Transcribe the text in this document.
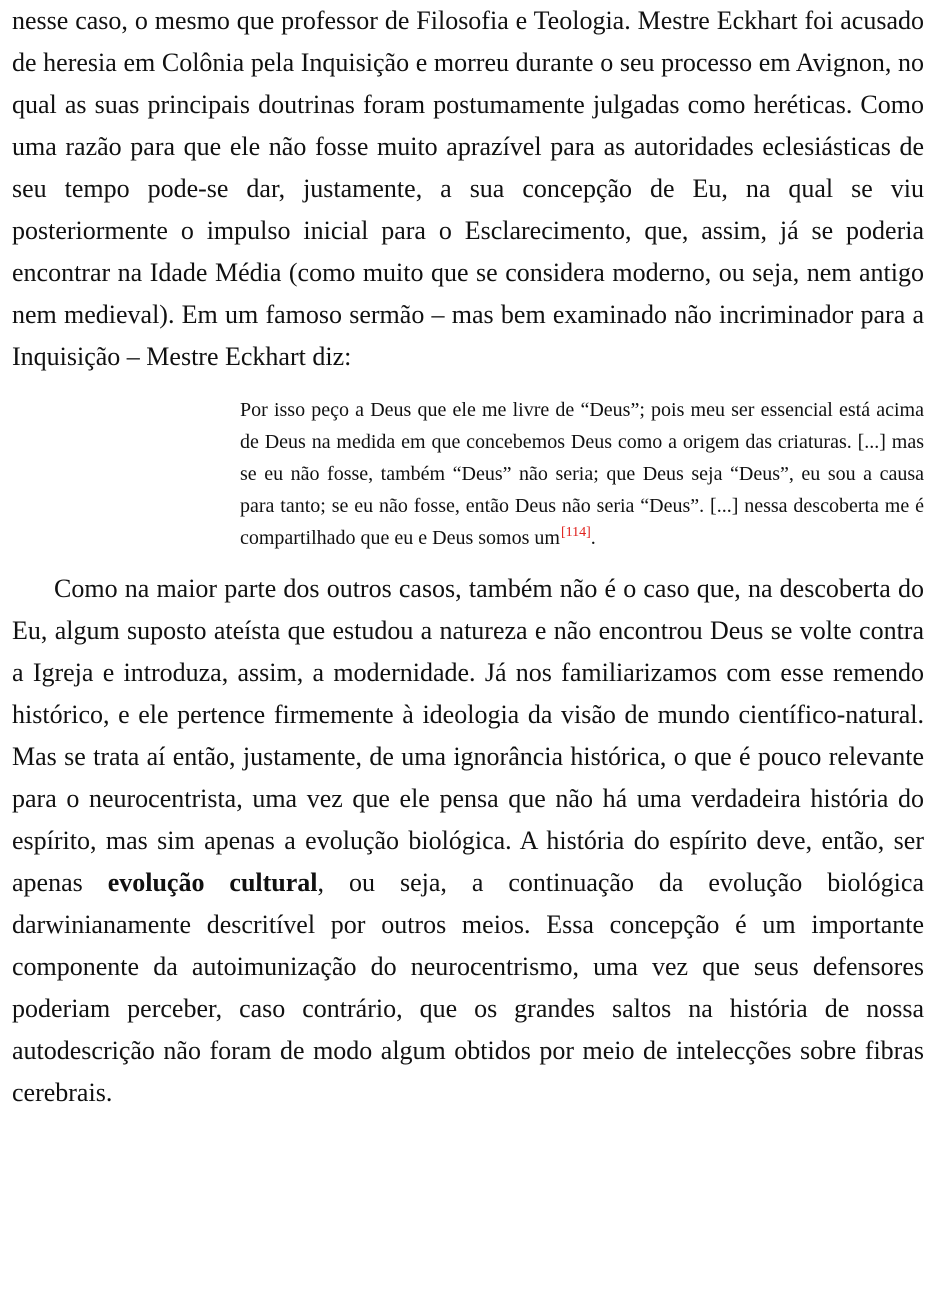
nesse caso, o mesmo que professor de Filosofia e Teologia. Mestre Eckhart foi acusado de heresia em Colônia pela Inquisição e morreu durante o seu processo em Avignon, no qual as suas principais doutrinas foram postumamente julgadas como heréticas. Como uma razão para que ele não fosse muito aprazível para as autoridades eclesiásticas de seu tempo pode-se dar, justamente, a sua concepção de Eu, na qual se viu posteriormente o impulso inicial para o Esclarecimento, que, assim, já se poderia encontrar na Idade Média (como muito que se considera moderno, ou seja, nem antigo nem medieval). Em um famoso sermão – mas bem examinado não incriminador para a Inquisição – Mestre Eckhart diz:

Por isso peço a Deus que ele me livre de “Deus”; pois meu ser essencial está acima de Deus na medida em que concebemos Deus como a origem das criaturas. [...] mas se eu não fosse, também “Deus” não seria; que Deus seja “Deus”, eu sou a causa para tanto; se eu não fosse, então Deus não seria “Deus”. [...] nessa descoberta me é compartilhado que eu e Deus somos um[114].

Como na maior parte dos outros casos, também não é o caso que, na descoberta do Eu, algum suposto ateísta que estudou a natureza e não encontrou Deus se volte contra a Igreja e introduza, assim, a modernidade. Já nos familiarizamos com esse remendo histórico, e ele pertence firmemente à ideologia da visão de mundo científico-natural. Mas se trata aí então, justamente, de uma ignorância histórica, o que é pouco relevante para o neurocentrista, uma vez que ele pensa que não há uma verdadeira história do espírito, mas sim apenas a evolução biológica. A história do espírito deve, então, ser apenas evolução cultural, ou seja, a continuação da evolução biológica darwinianamente descritível por outros meios. Essa concepção é um importante componente da autoimunização do neurocentrismo, uma vez que seus defensores poderiam perceber, caso contrário, que os grandes saltos na história de nossa autodescrição não foram de modo algum obtidos por meio de intelecções sobre fibras cerebrais.
